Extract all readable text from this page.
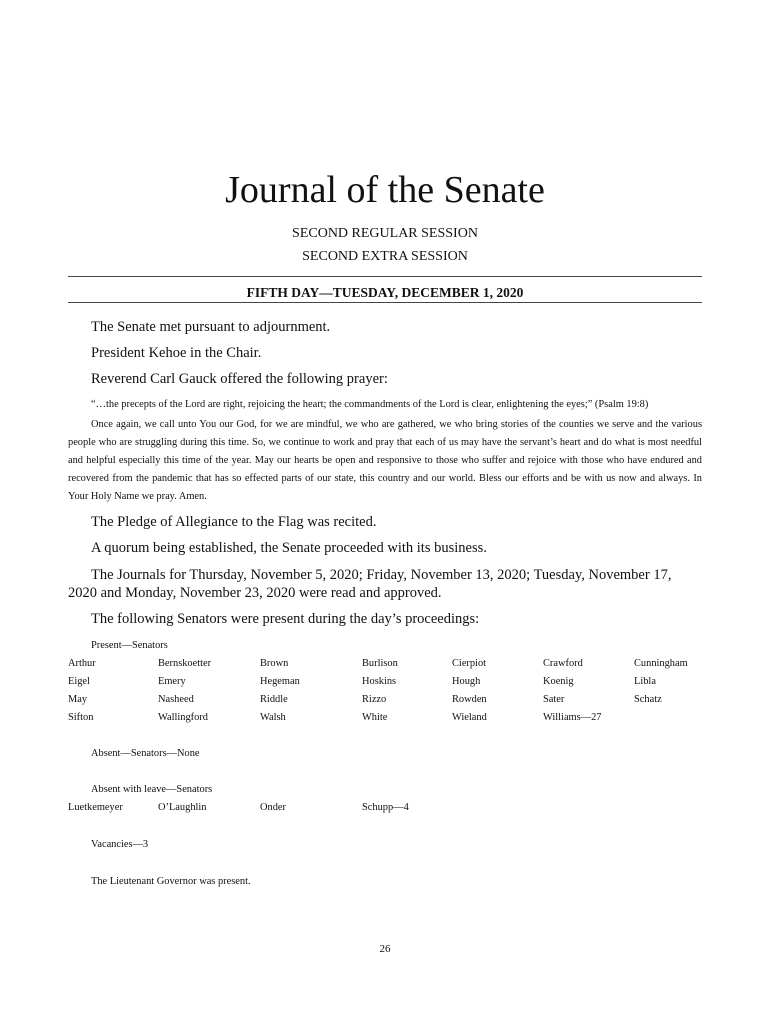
Journal of the Senate
SECOND REGULAR SESSION
SECOND EXTRA SESSION
FIFTH DAY—TUESDAY, DECEMBER 1, 2020

The Senate met pursuant to adjournment.

President Kehoe in the Chair.

Reverend Carl Gauck offered the following prayer:

“…the precepts of the Lord are right, rejoicing the heart; the commandments of the Lord is clear, enlightening the eyes;” (Psalm 19:8)

Once again, we call unto You our God, for we are mindful, we who are gathered, we who bring stories of the counties we serve and the various people who are struggling during this time. So, we continue to work and pray that each of us may have the servant’s heart and do what is most needful and helpful especially this time of the year. May our hearts be open and responsive to those who suffer and rejoice with those who have endured and recovered from the pandemic that has so effected parts of our state, this country and our world. Bless our efforts and be with us now and always. In Your Holy Name we pray. Amen.

The Pledge of Allegiance to the Flag was recited.

A quorum being established, the Senate proceeded with its business.

The Journals for Thursday, November 5, 2020; Friday, November 13, 2020; Tuesday, November 17, 2020 and Monday, November 23, 2020 were read and approved.

The following Senators were present during the day’s proceedings:

Present—Senators
Arthur	Bernskoetter	Brown	Burlison	Cierpiot	Crawford	Cunningham
Eigel	Emery	Hegeman	Hoskins	Hough	Koenig	Libla
May	Nasheed	Riddle	Rizzo	Rowden	Sater	Schatz
Sifton	Wallingford	Walsh	White	Wieland	Williams—27
Absent—Senators—None
Absent with leave—Senators
Luetkemeyer	O’Laughlin	Onder	Schupp—4
Vacancies—3
The Lieutenant Governor was present.
26
